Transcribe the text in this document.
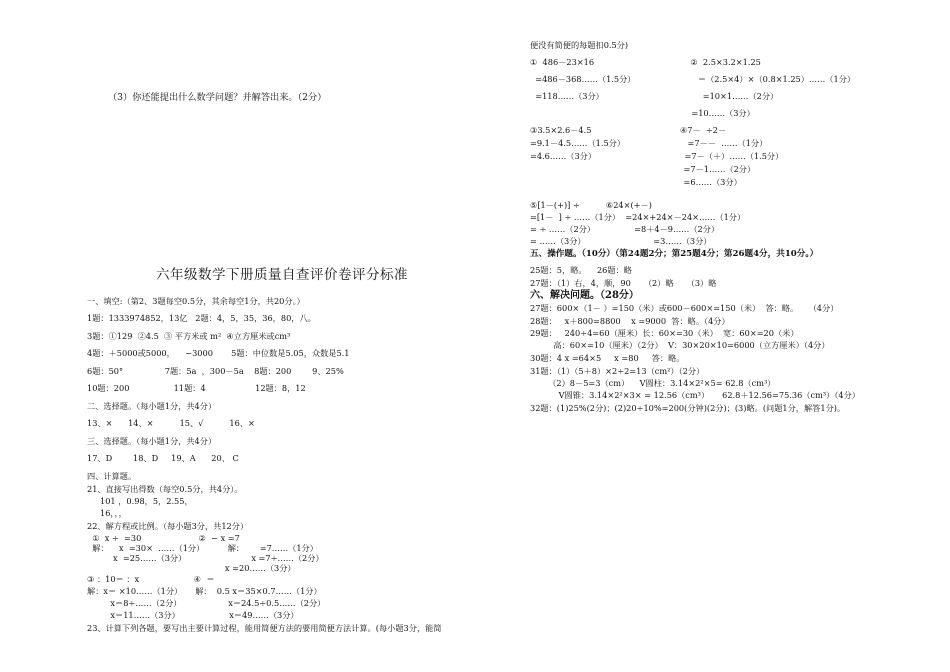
（3）你还能提出什么数学问题？并解答出来。（2分）
六年级数学下册质量自查评价卷评分标准
一、填空:（第2、3题每空0.5分，其余每空1分，共20分。）
1题：1333974852，13亿   2题：4，5，35，36，80，八。
3题：①129  ②4.5  ③ 平方米或 m²  ④立方厘米或cm³
4题：＋5000或5000，    −3000       5题：中位数是5.05，众数是5.1
6题：50°                7题：5a  ，300－5a    8题：200        9、25%
10题：200                 11题：4                   12题：8，12
二、选择题。（每小题1分，共4分）
13、×      14、×          15、√          16、×
三、选择题。（每小题1分，共4分）
17、D        18、D     19、A      20、 C
四、计算题。
21、直接写出得数（每空0.5分，共4分）。
101 ，0.98，5，2.55，
16，，，
22、解方程或比例。（每小题3分，共12分）
①  x ÷  =30                      ②  − x =7
解：    x  =30×  ……（1分）         解：      =7……（1分）
x  =25……（3分）                         x =7÷……（2分）
x =20……（3分）
③ ：10＝ ：x                     ④  ＝
解：x＝ ×10……（1分）     解：  0.5 x＝35×0.7……（1分）
x＝8÷……（2分）                  x＝24.5÷0.5……（2分）
x＝11……（3分）                   x＝49……（3分）
23、计算下列各题，要写出主要计算过程，能用简便方法的要用简便方法计算。(每小题3分，能简
便没有简便的每题扣0.5分)
①  486－23×16                                     ②  2.5×3.2×1.25
=486－368……（1.5分）                        ＝（2.5×4）×（0.8×1.25）……（1分）
=118……（3分）                                      =10×1……（2分）
=10……（3分）
③3.5×2.6－4.5                                  ④7－  ÷2－
=9.1－4.5……（1.5分）                        =7－－  ……（1分）
=4.6……（3分）                                  =7－（＋）……（1.5分）
=7－1……（2分）
=6……（3分）
⑤[1－(+)] ÷          ⑥24×(+－)
=[1－  ] ÷ ……（1分）  =24×+24×－24×……（1分）
= ÷ ……（2分）               =8＋4－9……（2分）
= ……（3分）                          =3……（3分）
五、操作题。（10分）（第24题2分；第25题4分；第26题4分，共10分。）
25题：5，略。    26题：略
27题：（1）右，4，顺，90     （2）略     （3）略
六、解决问题。（28分）
27题：600×（1－ ）=150（米）或600－600×=150（米）  答：略。    （4分）
28题：   x＋800=8800    x =9000  答：略。（4分）
29题：   240÷4=60（厘米）长：60×=30（米）  宽：60×=20（米）
高：60×=10（厘米）（2分）  V：30×20×10=6000（立方厘米）（4分）
30题：4 x =64×5     x =80     答：略。
31题：（1）（5＋8）×2÷2=13（cm²）（2分）
（2）8－5=3（cm）    V圆柱：3.14×2²×5= 62.8（cm³）
V圆锥：3.14×2²×3× = 12.56（cm³）     62.8＋12.56=75.36（cm³）（4分）
32题：(1)25%(2分)；(2)20÷10%=200(分钟)(2分)；(3)略。(问题1分，解答1分)。
